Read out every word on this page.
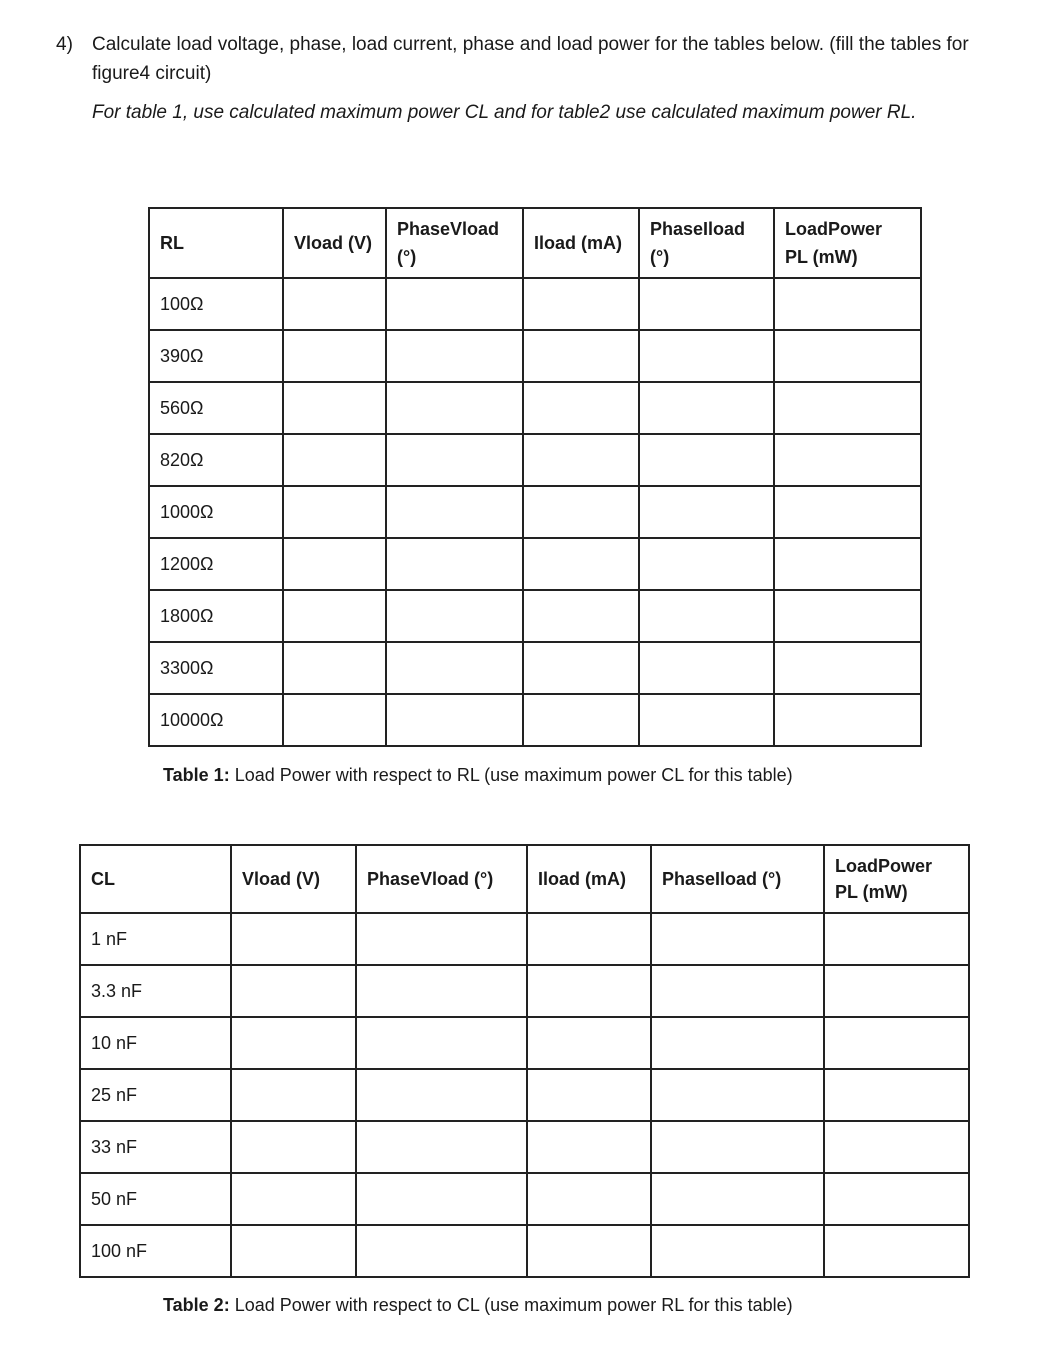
4) Calculate load voltage, phase, load current, phase and load power for the tables below. (fill the tables for figure4 circuit)
For table 1, use calculated maximum power CL and for table2 use calculated maximum power RL.
RL	Vload (V)	PhaseVload (°)	Iload (mA)	PhaseIload (°)	LoadPower PL (mW)
100Ω					
390Ω					
560Ω					
820Ω					
1000Ω					
1200Ω					
1800Ω					
3300Ω					
10000Ω					
Table 1: Load Power with respect to RL (use maximum power CL for this table)
CL	Vload (V)	PhaseVload (°)	Iload (mA)	PhaseIload (°)	LoadPower PL (mW)
1 nF					
3.3 nF					
10 nF					
25 nF					
33 nF					
50 nF					
100 nF					
Table 2: Load Power with respect to CL (use maximum power RL for this table)
